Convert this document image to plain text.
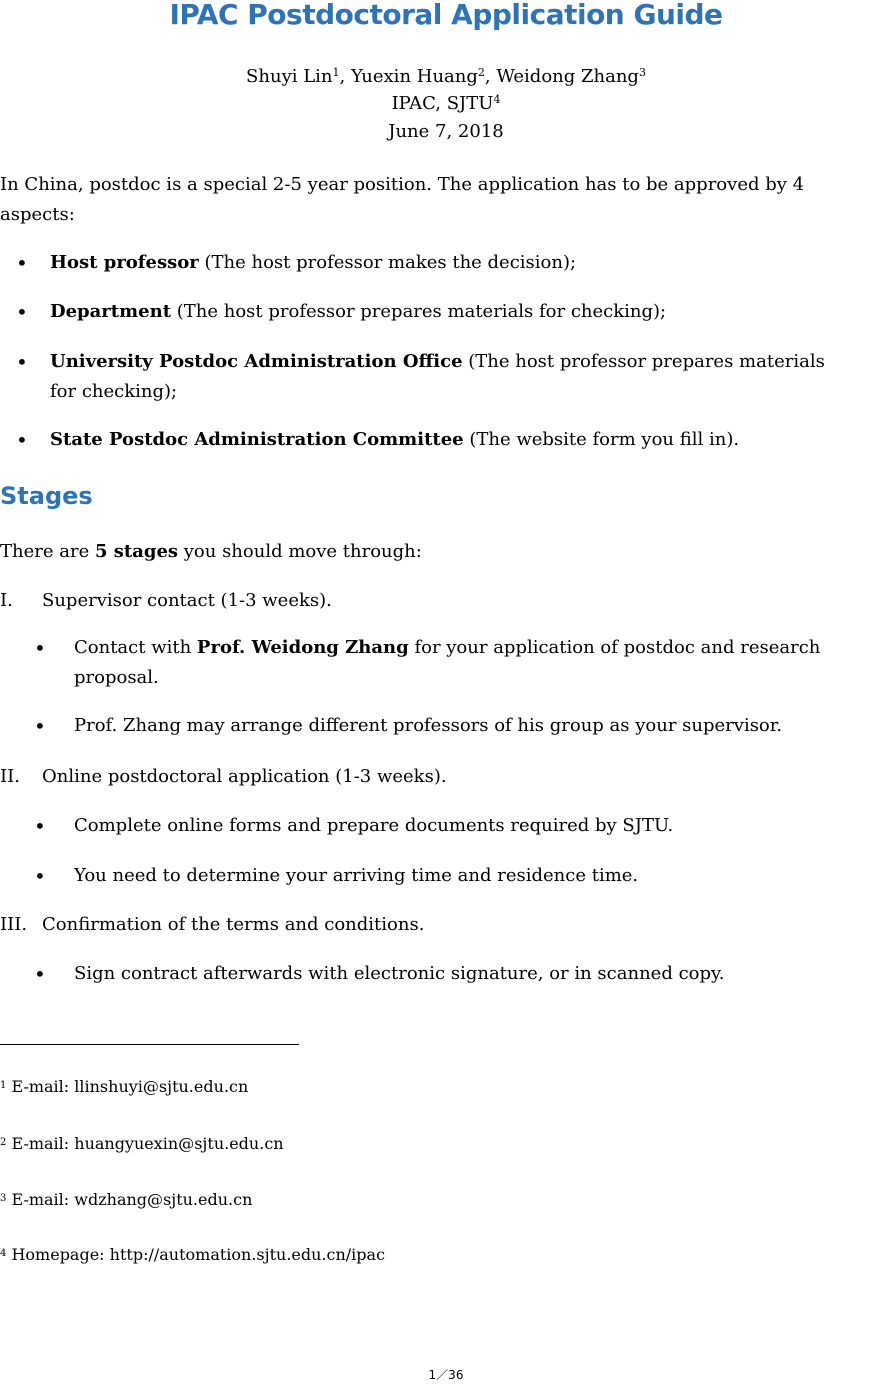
IPAC Postdoctoral Application Guide
Shuyi Lin$^1$, Yuexin Huang$^2$, Weidong Zhang$^3$
IPAC, SJTU$^4$
June 7, 2018
In China, postdoc is a special 2-5 year position. The application has to be approved by 4 aspects:
• Host professor (The host professor makes the decision);
• Department (The host professor prepares materials for checking);
• University Postdoc Administration Office (The host professor prepares materials for checking);
• State Postdoc Administration Committee (The website form you fill in).
Stages
There are 5 stages you should move through:
I. Supervisor contact (1-3 weeks).
• Contact with Prof. Weidong Zhang for your application of postdoc and research proposal.
• Prof. Zhang may arrange different professors of his group as your supervisor.
II. Online postdoctoral application (1-3 weeks).
• Complete online forms and prepare documents required by SJTU.
• You need to determine your arriving time and residence time.
III. Confirmation of the terms and conditions.
• Sign contract afterwards with electronic signature, or in scanned copy.
$^1$ E-mail: llinshuyi@sjtu.edu.cn
$^2$ E-mail: huangyuexin@sjtu.edu.cn
$^3$ E-mail: wdzhang@sjtu.edu.cn
$^4$ Homepage: http://automation.sjtu.edu.cn/ipac
1／36
